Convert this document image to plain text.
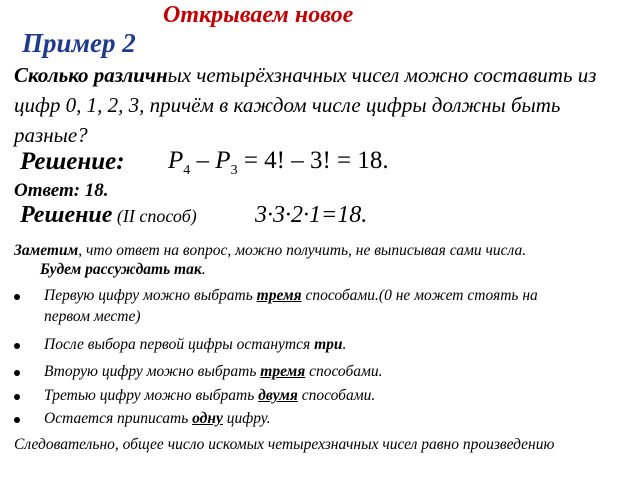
Открываем новое
Пример 2
Сколько различных четырёхзначных чисел можно составить из цифр 0, 1, 2, 3, причём в каждом числе цифры должны быть разные?
Решение: $P_4 - P_3 = 4$! – 3! = 18.
Ответ: 18.
Решение (II способ) 3·3·2·1=18.
Заметим, что ответ на вопрос, можно получить, не выписывая сами числа.
Будем рассуждать так.
Первую цифру можно выбрать тремя способами.(0 не может стоять на
первом месте)
После выбора первой цифры останутся три.
Вторую цифру можно выбрать тремя способами.
Третью цифру можно выбрать двумя способами.
Остается приписать одну цифру.
Следовательно, общее число искомых четырехзначных чисел равно произведению
